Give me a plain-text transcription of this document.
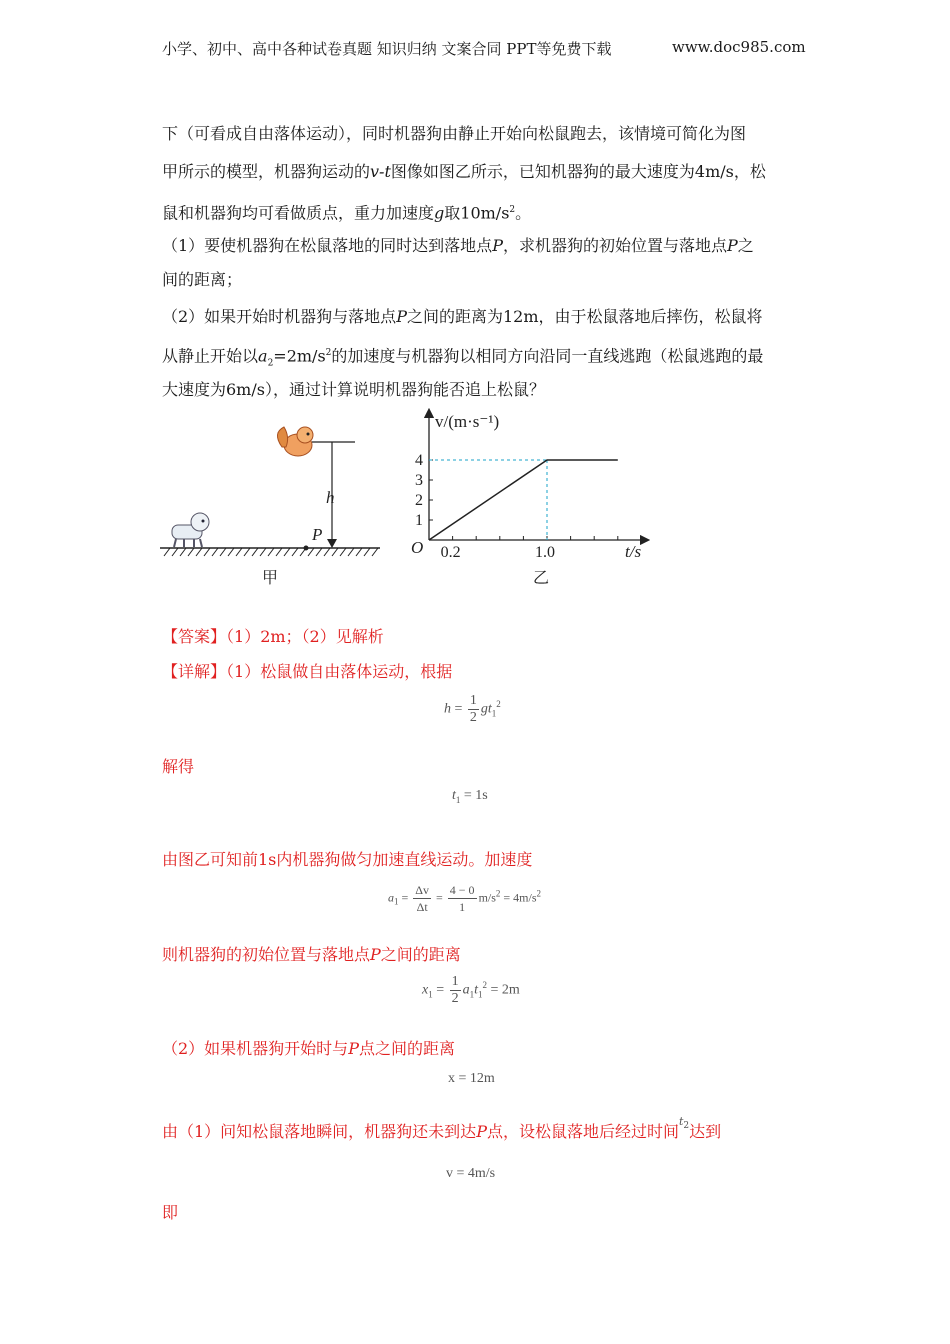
小学、初中、高中各种试卷真题 知识归纳 文案合同 PPT等免费下载	www.doc985.com
下（可看成自由落体运动），同时机器狗由静止开始向松鼠跑去，该情境可简化为图
甲所示的模型，机器狗运动的v-t图像如图乙所示，已知机器狗的最大速度为4m/s，松
鼠和机器狗均可看做质点，重力加速度g取$10m/s^2$。
（1）要使机器狗在松鼠落地的同时达到落地点P，求机器狗的初始位置与落地点P之
间的距离；
（2）如果开始时机器狗与落地点P之间的距离为12m，由于松鼠落地后摔伤，松鼠将
从静止开始以$a_2=2m/s^2$的加速度与机器狗以相同方向沿同一直线逃跑（松鼠逃跑的最
大速度为6m/s），通过计算说明机器狗能否追上松鼠？
h
P
甲
v/(m·s⁻¹)
t/s
O
1
2
3
4
0.2	1.0
乙
【答案】（1）2m；（2）见解析
【详解】（1）松鼠做自由落体运动，根据
$h = \frac{1}{2} gt_1^2$
解得
$t_1 = 1s$
由图乙可知前1s内机器狗做匀加速直线运动。加速度
$a_1 = \frac{\Delta v}{\Delta t} = \frac{4 - 0}{1} m/s^2 = 4m/s^2$
则机器狗的初始位置与落地点P之间的距离
$x_1 = \frac{1}{2} a_1t_1^2 = 2m$
（2）如果机器狗开始时与P点之间的距离
x = 12m
由（1）问知松鼠落地瞬间，机器狗还未到达P点，设松鼠落地后经过时间$^{t_2}$达到
v = 4m/s
即
